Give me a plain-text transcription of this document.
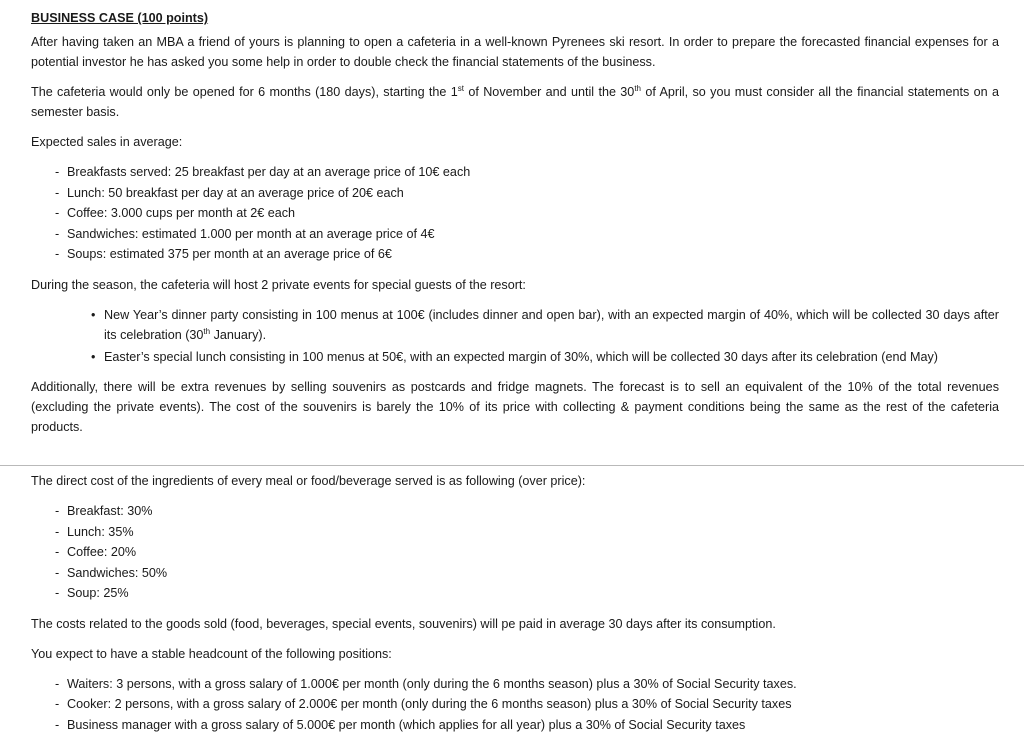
BUSINESS CASE (100 points)

After having taken an MBA a friend of yours is planning to open a cafeteria in a well-known Pyrenees ski resort. In order to prepare the forecasted financial expenses for a potential investor he has asked you some help in order to double check the financial statements of the business.

The cafeteria would only be opened for 6 months (180 days), starting the 1st of November and until the 30th of April, so you must consider all the financial statements on a semester basis.

Expected sales in average:

- Breakfasts served: 25 breakfast per day at an average price of 10€ each
- Lunch: 50 breakfast per day at an average price of 20€ each
- Coffee: 3.000 cups per month at 2€ each
- Sandwiches: estimated 1.000 per month at an average price of 4€
- Soups: estimated 375 per month at an average price of 6€

During the season, the cafeteria will host 2 private events for special guests of the resort:

• New Year’s dinner party consisting in 100 menus at 100€ (includes dinner and open bar), with an expected margin of 40%, which will be collected 30 days after its celebration (30th January).
• Easter’s special lunch consisting in 100 menus at 50€, with an expected margin of 30%, which will be collected 30 days after its celebration (end May)

Additionally, there will be extra revenues by selling souvenirs as postcards and fridge magnets. The forecast is to sell an equivalent of the 10% of the total revenues (excluding the private events). The cost of the souvenirs is barely the 10% of its price with collecting & payment conditions being the same as the rest of the cafeteria products.

The direct cost of the ingredients of every meal or food/beverage served is as following (over price):

- Breakfast: 30%
- Lunch: 35%
- Coffee: 20%
- Sandwiches: 50%
- Soup: 25%

The costs related to the goods sold (food, beverages, special events, souvenirs) will pe paid in average 30 days after its consumption.

You expect to have a stable headcount of the following positions:

- Waiters: 3 persons, with a gross salary of 1.000€ per month (only during the 6 months season) plus a 30% of Social Security taxes.
- Cooker: 2 persons, with a gross salary of 2.000€ per month (only during the 6 months season) plus a 30% of Social Security taxes
- Business manager with a gross salary of 5.000€ per month (which applies for all year) plus a 30% of Social Security taxes
